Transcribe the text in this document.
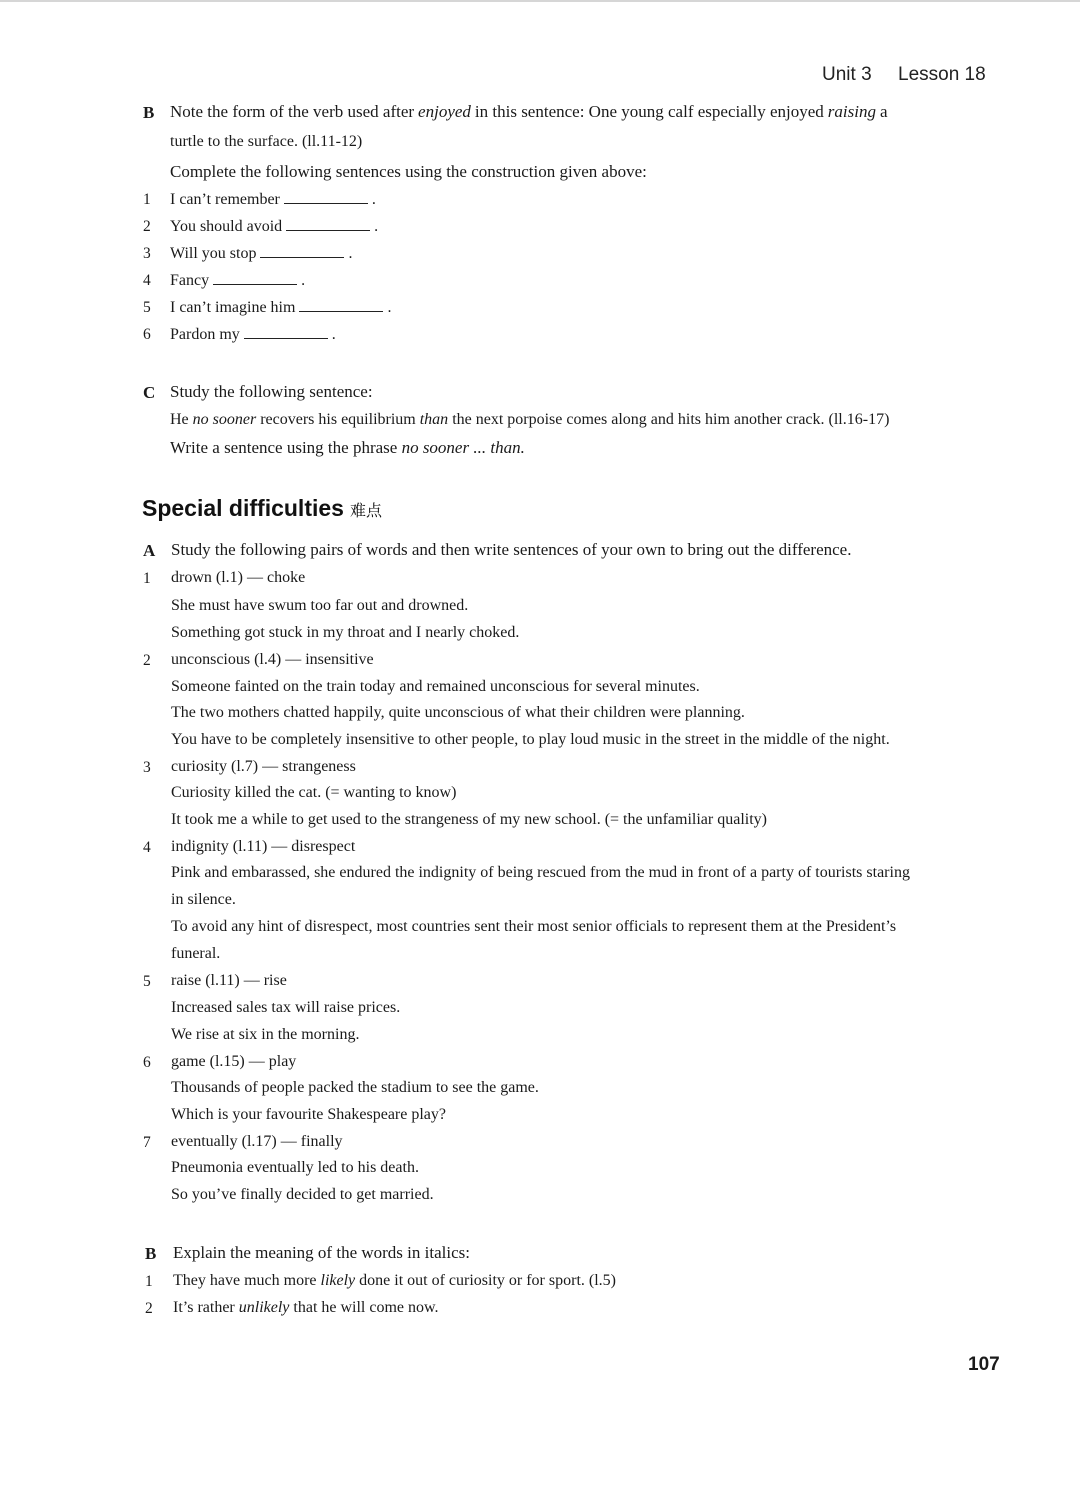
Unit 3 Lesson 18
B Note the form of the verb used after enjoyed in this sentence: One young calf especially enjoyed raising a
turtle to the surface. (ll.11-12)
Complete the following sentences using the construction given above:
1 I can’t remember	.
2 You should avoid	.
3 Will you stop	.
4 Fancy	.
5 I can’t imagine him	.
6 Pardon my	.
C Study the following sentence:
He no sooner recovers his equilibrium than the next porpoise comes along and hits him another crack. (ll.16-17)
Write a sentence using the phrase no sooner ... than.
Special difficulties 难点
A Study the following pairs of words and then write sentences of your own to bring out the difference.
1 drown (l.1) — choke
She must have swum too far out and drowned.
Something got stuck in my throat and I nearly choked.
2 unconscious (l.4) — insensitive
Someone fainted on the train today and remained unconscious for several minutes.
The two mothers chatted happily, quite unconscious of what their children were planning.
You have to be completely insensitive to other people, to play loud music in the street in the middle of the night.
3 curiosity (l.7) — strangeness
Curiosity killed the cat. (= wanting to know)
It took me a while to get used to the strangeness of my new school. (= the unfamiliar quality)
4 indignity (l.11) — disrespect
Pink and embarassed, she endured the indignity of being rescued from the mud in front of a party of tourists staring
in silence.
To avoid any hint of disrespect, most countries sent their most senior officials to represent them at the President’s
funeral.
5 raise (l.11) — rise
Increased sales tax will raise prices.
We rise at six in the morning.
6 game (l.15) — play
Thousands of people packed the stadium to see the game.
Which is your favourite Shakespeare play?
7 eventually (l.17) — finally
Pneumonia eventually led to his death.
So you’ve finally decided to get married.
B Explain the meaning of the words in italics:
1 They have much more likely done it out of curiosity or for sport. (l.5)
2 It’s rather unlikely that he will come now.
107
